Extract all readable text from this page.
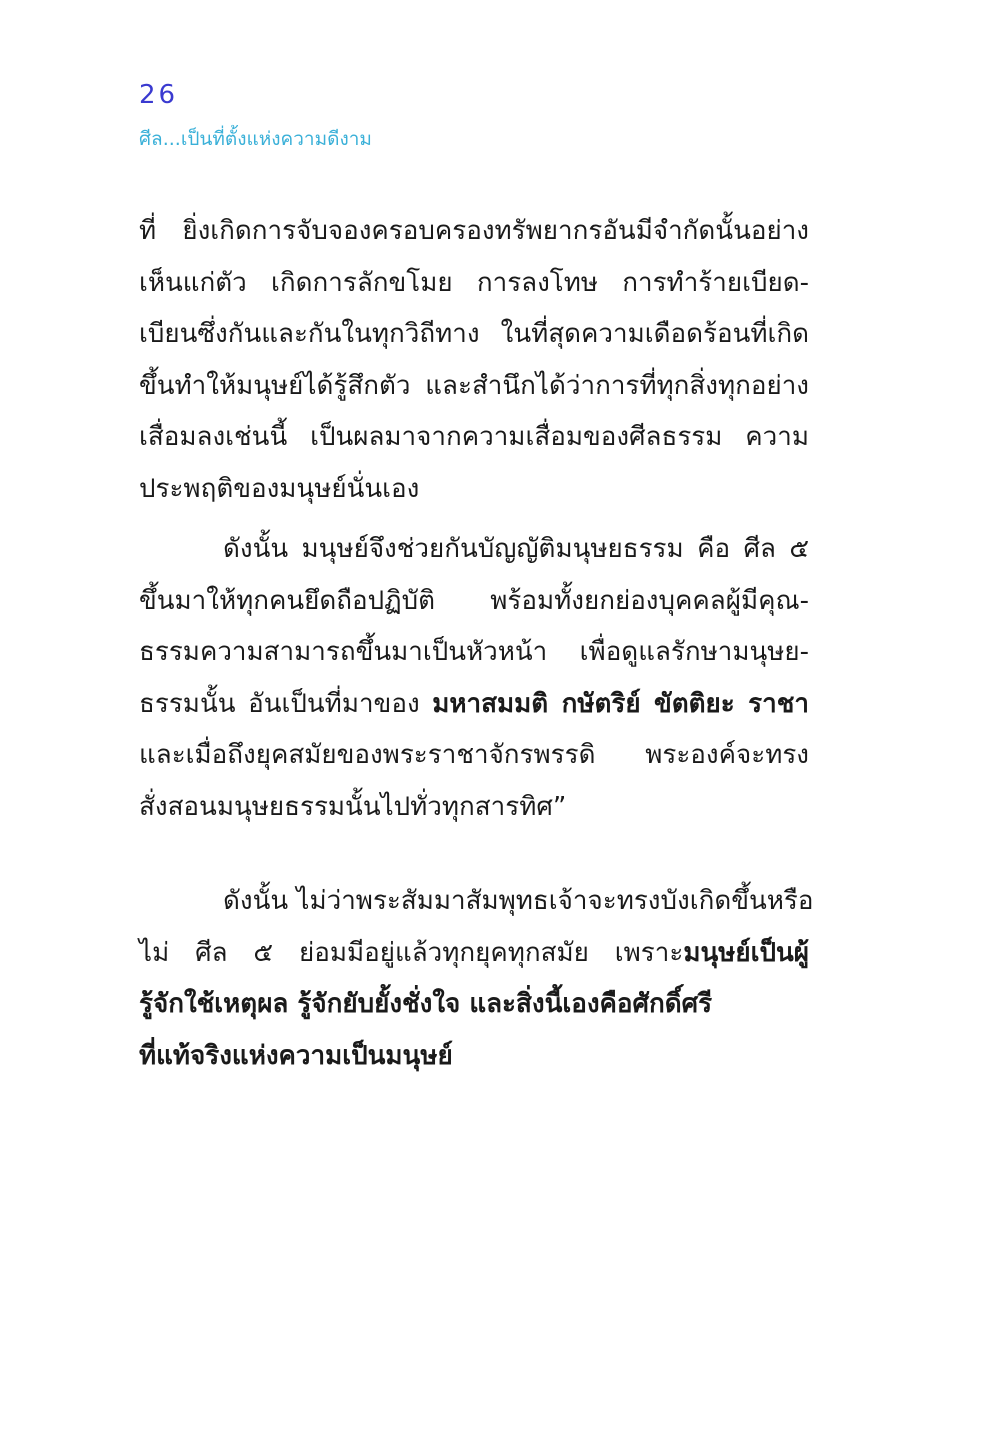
26
ศีล...เป็นที่ตั้งแห่งความดีงาม
ที่ ยิ่งเกิดการจับจองครอบครองทรัพยากรอันมีจำกัดนั้นอย่าง
เห็นแก่ตัว เกิดการลักขโมย การลงโทษ การทำร้ายเบียด-
เบียนซึ่งกันและกันในทุกวิถีทาง ในที่สุดความเดือดร้อนที่เกิด
ขึ้นทำให้มนุษย์ได้รู้สึกตัว และสำนึกได้ว่าการที่ทุกสิ่งทุกอย่าง
เสื่อมลงเช่นนี้ เป็นผลมาจากความเสื่อมของศีลธรรม ความ
ประพฤติของมนุษย์นั่นเอง
ดังนั้น มนุษย์จึงช่วยกันบัญญัติมนุษยธรรม คือ ศีล ๕
ขึ้นมาให้ทุกคนยึดถือปฏิบัติ พร้อมทั้งยกย่องบุคคลผู้มีคุณ-
ธรรมความสามารถขึ้นมาเป็นหัวหน้า เพื่อดูแลรักษามนุษย-
ธรรมนั้น อันเป็นที่มาของ มหาสมมติ กษัตริย์ ขัตติยะ ราชา
และเมื่อถึงยุคสมัยของพระราชาจักรพรรดิ พระองค์จะทรง
สั่งสอนมนุษยธรรมนั้นไปทั่วทุกสารทิศ”
ดังนั้น ไม่ว่าพระสัมมาสัมพุทธเจ้าจะทรงบังเกิดขึ้นหรือ
ไม่ ศีล ๕ ย่อมมีอยู่แล้วทุกยุคทุกสมัย เพราะมนุษย์เป็นผู้
รู้จักใช้เหตุผล รู้จักยับยั้งชั่งใจ และสิ่งนี้เองคือศักดิ์ศรี
ที่แท้จริงแห่งความเป็นมนุษย์
